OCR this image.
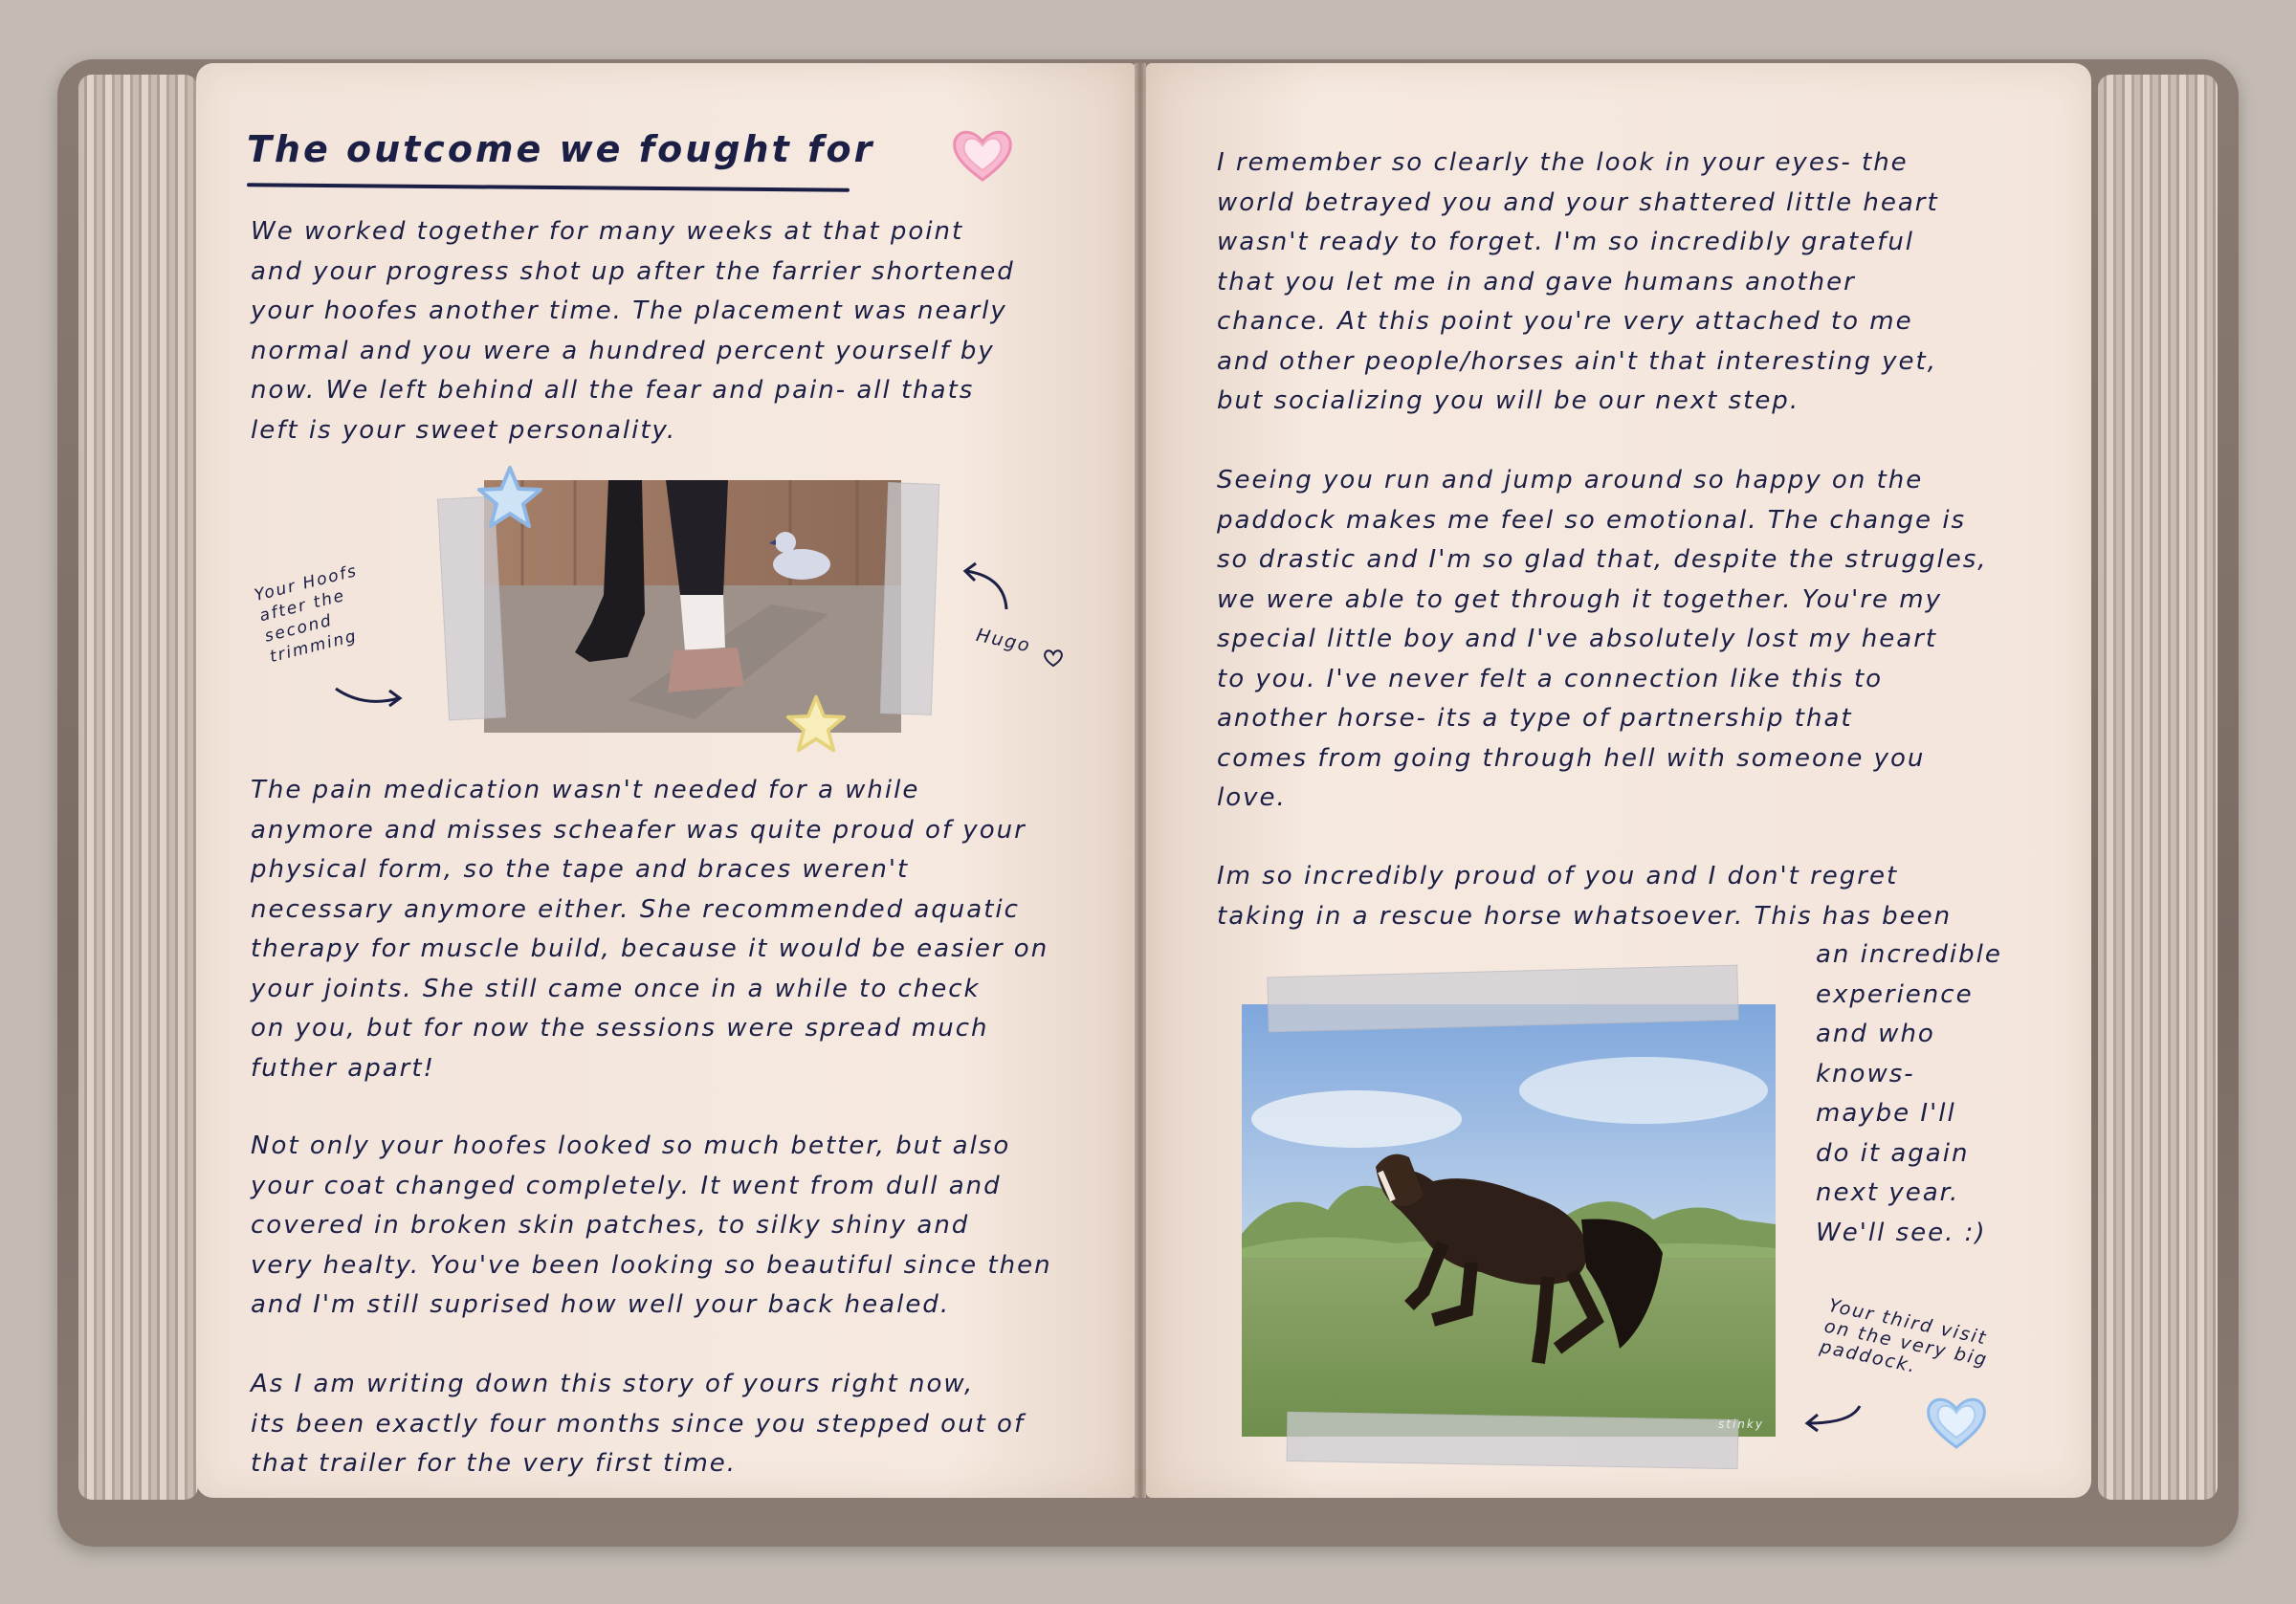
The outcome we fought for

We worked together for many weeks at that point
and your progress shot up after the farrier shortened
your hoofes another time. The placement was nearly
normal and you were a hundred percent yourself by
now. We left behind all the fear and pain- all thats
left is your sweet personality.

Your Hoofs
after the
second
trimming	Hugo

The pain medication wasn't needed for a while
anymore and misses scheafer was quite proud of your
physical form, so the tape and braces weren't
necessary anymore either. She recommended aquatic
therapy for muscle build, because it would be easier on
your joints. She still came once in a while to check
on you, but for now the sessions were spread much
futher apart!

Not only your hoofes looked so much better, but also
your coat changed completely. It went from dull and
covered in broken skin patches, to silky shiny and
very healty. You've been looking so beautiful since then
and I'm still suprised how well your back healed.

As I am writing down this story of yours right now,
its been exactly four months since you stepped out of
that trailer for the very first time.

I remember so clearly the look in your eyes- the
world betrayed you and your shattered little heart
wasn't ready to forget. I'm so incredibly grateful
that you let me in and gave humans another
chance. At this point you're very attached to me
and other people/horses ain't that interesting yet,
but socializing you will be our next step.

Seeing you run and jump around so happy on the
paddock makes me feel so emotional. The change is
so drastic and I'm so glad that, despite the struggles,
we were able to get through it together. You're my
special little boy and I've absolutely lost my heart
to you. I've never felt a connection like this to
another horse- its a type of partnership that
comes from going through hell with someone you
love.

Im so incredibly proud of you and I don't regret
taking in a rescue horse whatsoever. This has been

an incredible
experience
and who
knows-
maybe I'll
do it again
next year.
We'll see. :)

stinky

Your third visit
on the very big
paddock.
